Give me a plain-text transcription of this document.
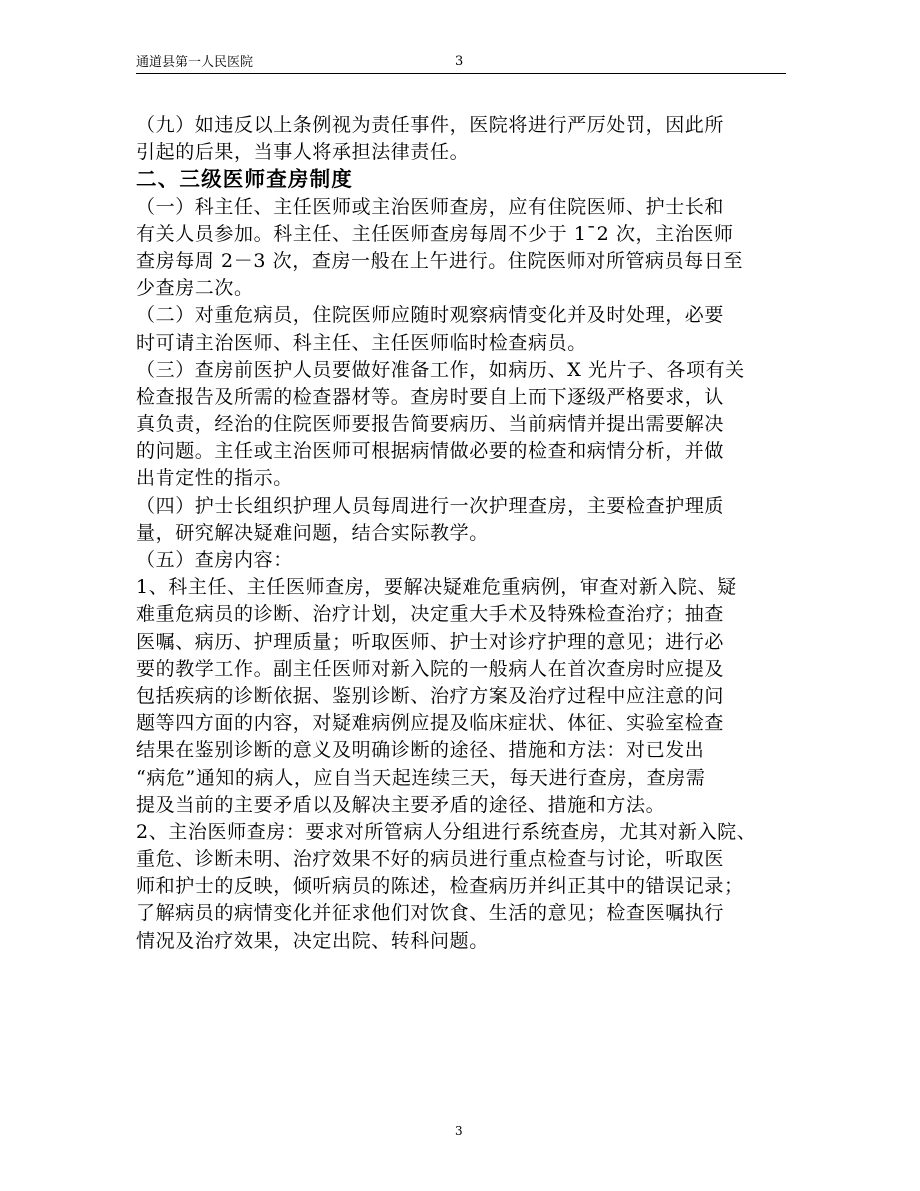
通道县第一人民医院	3
（九）如违反以上条例视为责任事件，医院将进行严厉处罚，因此所
引起的后果，当事人将承担法律责任。
二、三级医师查房制度
（一）科主任、主任医师或主治医师查房，应有住院医师、护士长和
有关人员参加。科主任、主任医师查房每周不少于 1¯2 次，主治医师
查房每周 2－3 次，查房一般在上午进行。住院医师对所管病员每日至
少查房二次。
（二）对重危病员，住院医师应随时观察病情变化并及时处理，必要
时可请主治医师、科主任、主任医师临时检查病员。
（三）查房前医护人员要做好准备工作，如病历、X 光片子、各项有关
检查报告及所需的检查器材等。查房时要自上而下逐级严格要求，认
真负责，经治的住院医师要报告简要病历、当前病情并提出需要解决
的问题。主任或主治医师可根据病情做必要的检查和病情分析，并做
出肯定性的指示。
（四）护士长组织护理人员每周进行一次护理查房，主要检查护理质
量，研究解决疑难问题，结合实际教学。
（五）查房内容：
1、科主任、主任医师查房，要解决疑难危重病例，审查对新入院、疑
难重危病员的诊断、治疗计划，决定重大手术及特殊检查治疗；抽查
医嘱、病历、护理质量；听取医师、护士对诊疗护理的意见；进行必
要的教学工作。副主任医师对新入院的一般病人在首次查房时应提及
包括疾病的诊断依据、鉴别诊断、治疗方案及治疗过程中应注意的问
题等四方面的内容，对疑难病例应提及临床症状、体征、实验室检查
结果在鉴别诊断的意义及明确诊断的途径、措施和方法：对已发出
“病危”通知的病人，应自当天起连续三天，每天进行查房，查房需
提及当前的主要矛盾以及解决主要矛盾的途径、措施和方法。
2、主治医师查房：要求对所管病人分组进行系统查房，尤其对新入院、
重危、诊断未明、治疗效果不好的病员进行重点检查与讨论，听取医
师和护士的反映，倾听病员的陈述，检查病历并纠正其中的错误记录；
了解病员的病情变化并征求他们对饮食、生活的意见；检查医嘱执行
情况及治疗效果，决定出院、转科问题。
3
